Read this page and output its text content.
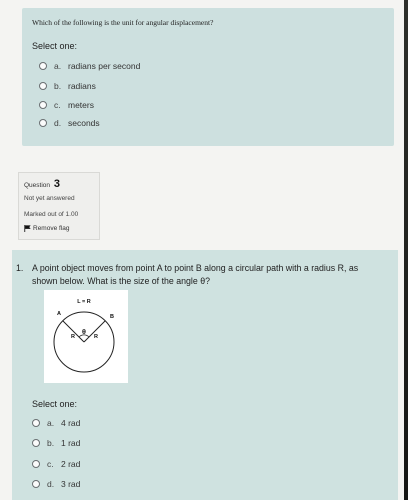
Which of the following is the unit for angular displacement?
Select one:
a. radians per second
b. radians
c. meters
d. seconds
Question 3
Not yet answered
Marked out of 1.00
Remove flag
1. A point object moves from point A to point B along a circular path with a radius R, as shown below. What is the size of the angle θ?
L = R
A	B
θ
R	R
Select one:
a. 4 rad
b. 1 rad
c. 2 rad
d. 3 rad
